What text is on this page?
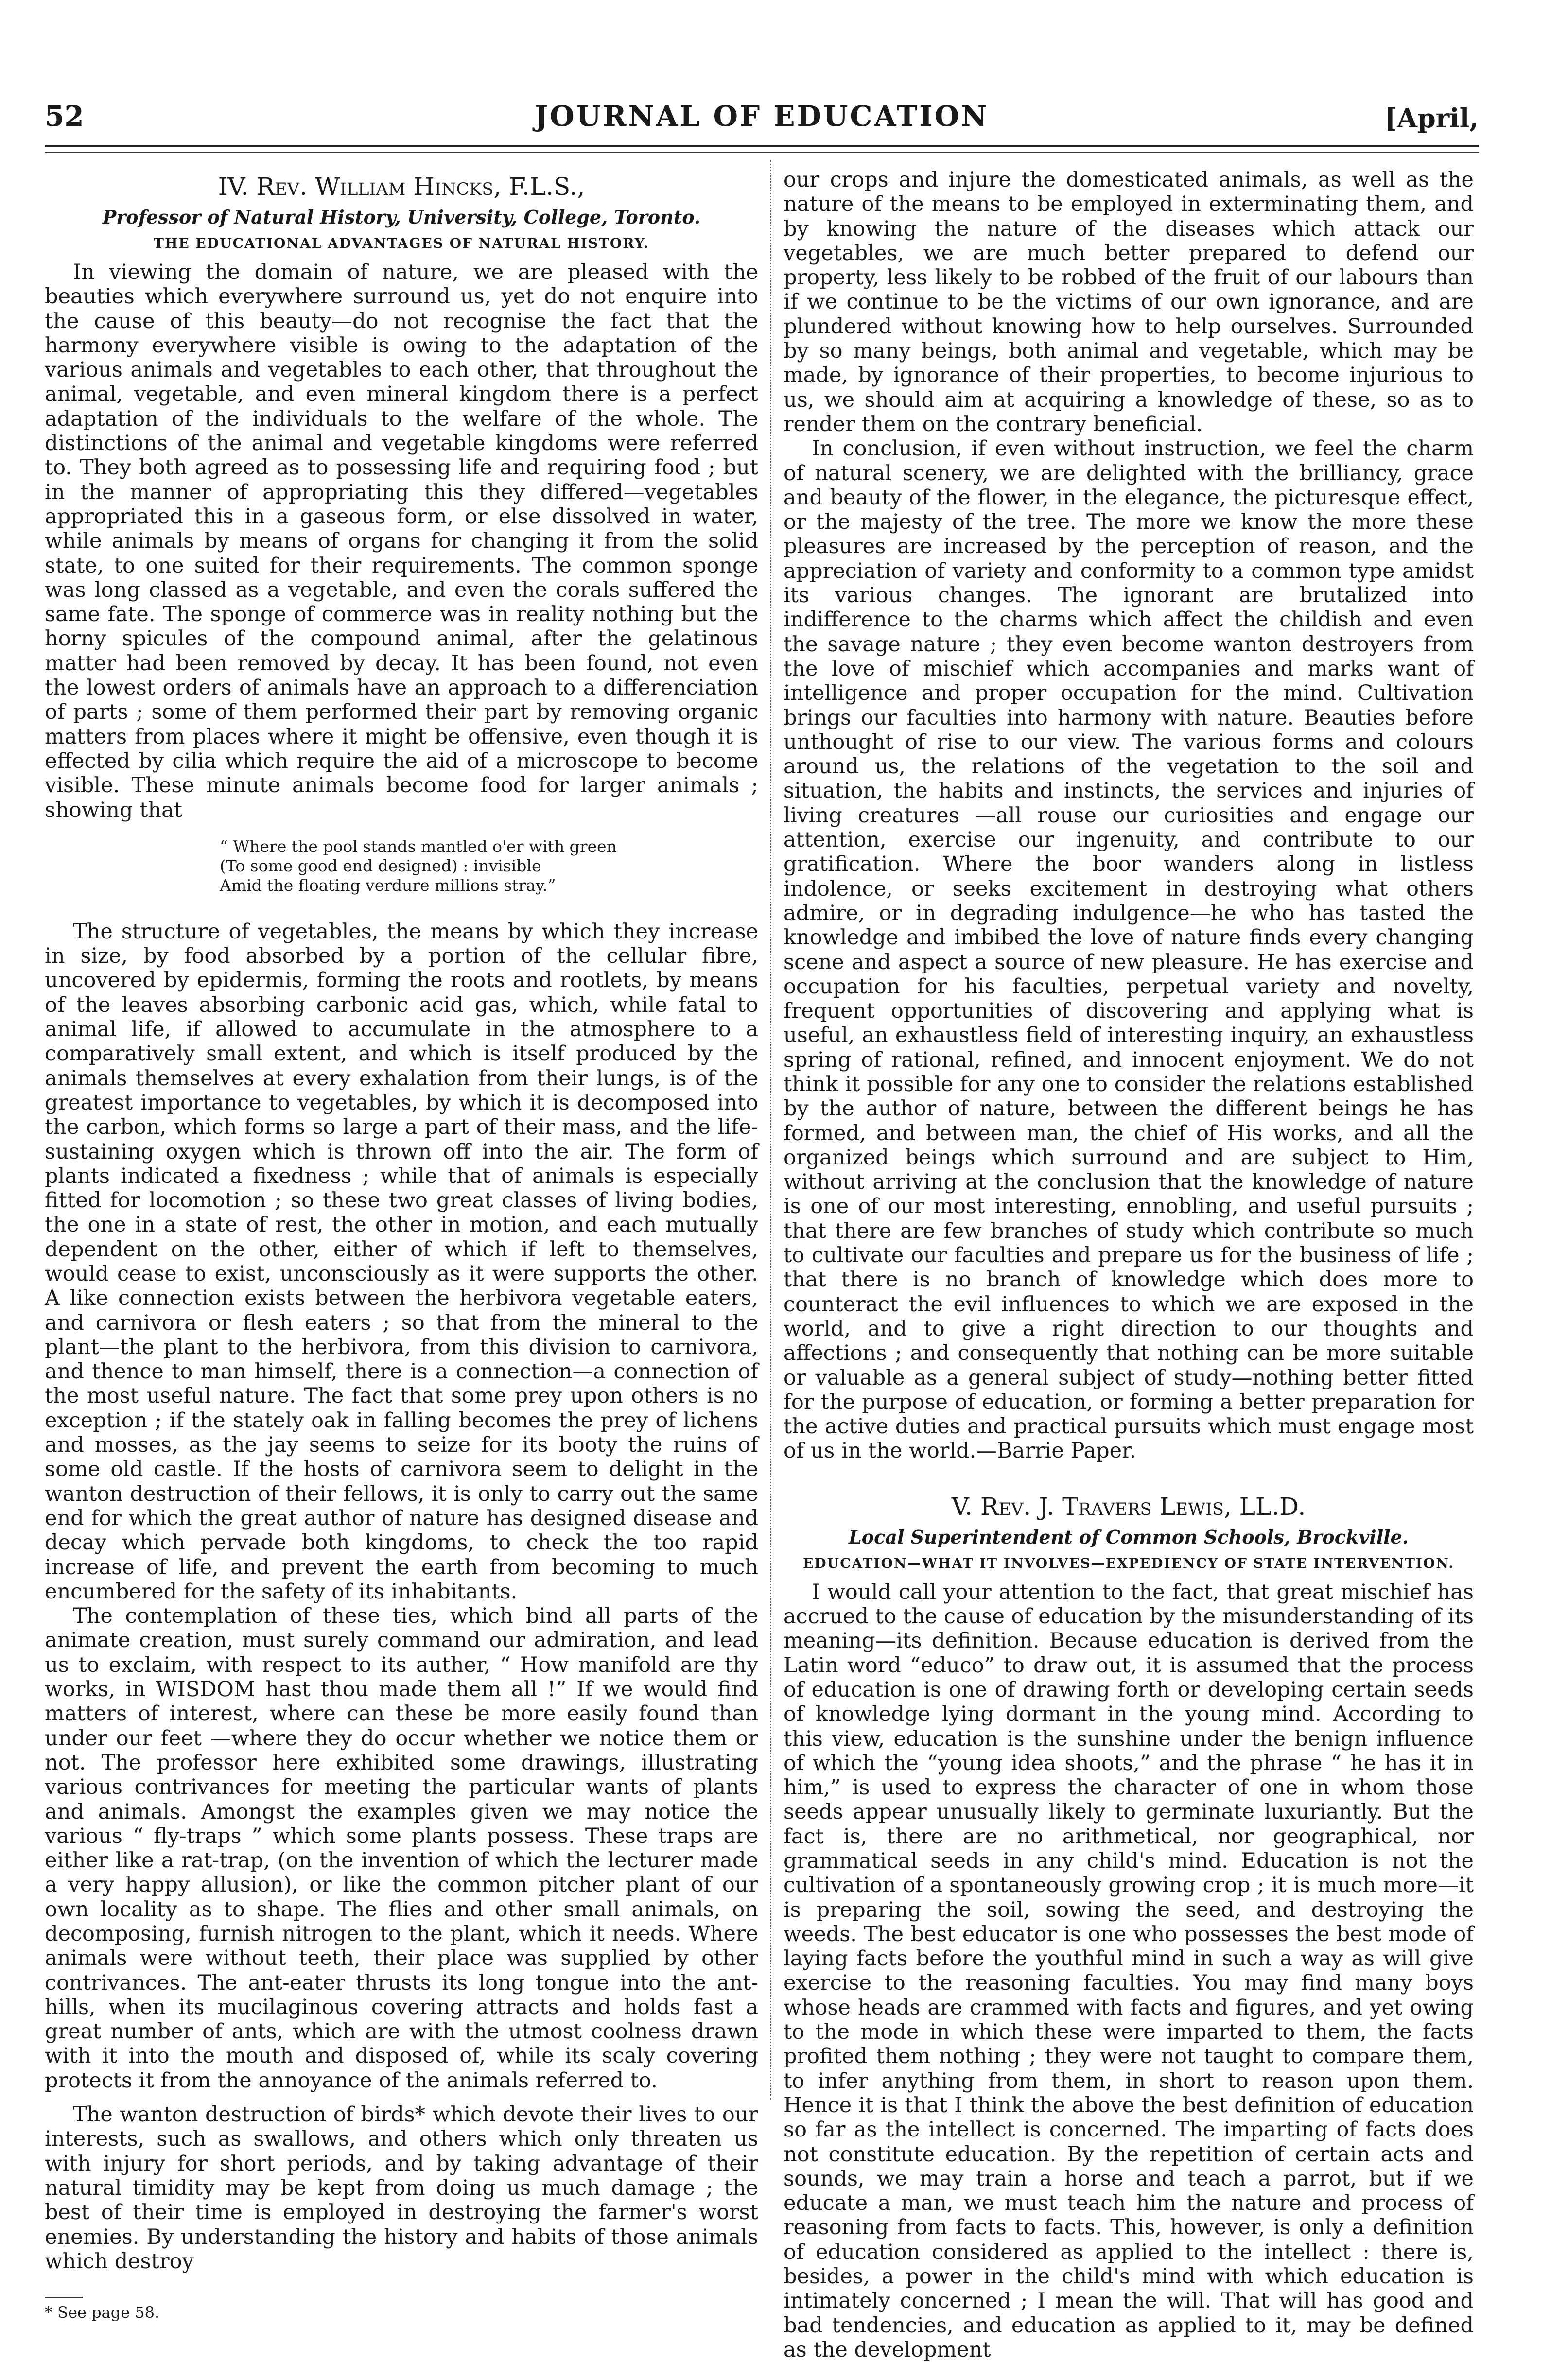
52	JOURNAL OF EDUCATION	[April,
IV. Rev. William Hincks, F.L.S.,
Professor of Natural History, University, College, Toronto.
THE EDUCATIONAL ADVANTAGES OF NATURAL HISTORY.

In viewing the domain of nature, we are pleased with the beauties which everywhere surround us, yet do not enquire into the cause of this beauty—do not recognise the fact that the harmony everywhere visible is owing to the adaptation of the various animals and vegetables to each other, that throughout the animal, vegetable, and even mineral kingdom there is a perfect adaptation of the individuals to the welfare of the whole. The distinctions of the animal and vegetable kingdoms were referred to. They both agreed as to possessing life and requiring food ; but in the manner of appropriating this they differed—vegetables appropriated this in a gaseous form, or else dissolved in water, while animals by means of organs for changing it from the solid state, to one suited for their requirements. The common sponge was long classed as a vegetable, and even the corals suffered the same fate. The sponge of commerce was in reality nothing but the horny spicules of the compound animal, after the gelatinous matter had been removed by decay. It has been found, not even the lowest orders of animals have an approach to a differenciation of parts ; some of them performed their part by removing organic matters from places where it might be offensive, even though it is effected by cilia which require the aid of a microscope to become visible. These minute animals become food for larger animals ; showing that

“ Where the pool stands mantled o'er with green
(To some good end designed) : invisible
Amid the floating verdure millions stray.”

The structure of vegetables, the means by which they increase in size, by food absorbed by a portion of the cellular fibre, uncovered by epidermis, forming the roots and rootlets, by means of the leaves absorbing carbonic acid gas, which, while fatal to animal life, if allowed to accumulate in the atmosphere to a comparatively small extent, and which is itself produced by the animals themselves at every exhalation from their lungs, is of the greatest importance to vegetables, by which it is decomposed into the carbon, which forms so large a part of their mass, and the life-sustaining oxygen which is thrown off into the air. The form of plants indicated a fixedness ; while that of animals is especially fitted for locomotion ; so these two great classes of living bodies, the one in a state of rest, the other in motion, and each mutually dependent on the other, either of which if left to themselves, would cease to exist, unconsciously as it were supports the other. A like connection exists between the herbivora vegetable eaters, and carnivora or flesh eaters ; so that from the mineral to the plant—the plant to the herbivora, from this division to carnivora, and thence to man himself, there is a connection—a connection of the most useful nature. The fact that some prey upon others is no exception ; if the stately oak in falling becomes the prey of lichens and mosses, as the jay seems to seize for its booty the ruins of some old castle. If the hosts of carnivora seem to delight in the wanton destruction of their fellows, it is only to carry out the same end for which the great author of nature has designed disease and decay which pervade both kingdoms, to check the too rapid increase of life, and prevent the earth from becoming to much encumbered for the safety of its inhabitants.

The contemplation of these ties, which bind all parts of the animate creation, must surely command our admiration, and lead us to exclaim, with respect to its auther, “ How manifold are thy works, in WISDOM hast thou made them all !” If we would find matters of interest, where can these be more easily found than under our feet —where they do occur whether we notice them or not. The professor here exhibited some drawings, illustrating various contrivances for meeting the particular wants of plants and animals. Amongst the examples given we may notice the various “ fly-traps ” which some plants possess. These traps are either like a rat-trap, (on the invention of which the lecturer made a very happy allusion), or like the common pitcher plant of our own locality as to shape. The flies and other small animals, on decomposing, furnish nitrogen to the plant, which it needs. Where animals were without teeth, their place was supplied by other contrivances. The ant-eater thrusts its long tongue into the ant-hills, when its mucilaginous covering attracts and holds fast a great number of ants, which are with the utmost coolness drawn with it into the mouth and disposed of, while its scaly covering protects it from the annoyance of the animals referred to.

The wanton destruction of birds* which devote their lives to our interests, such as swallows, and others which only threaten us with injury for short periods, and by taking advantage of their natural timidity may be kept from doing us much damage ; the best of their time is employed in destroying the farmer's worst enemies. By understanding the history and habits of those animals which destroy

* See page 58.

our crops and injure the domesticated animals, as well as the nature of the means to be employed in exterminating them, and by knowing the nature of the diseases which attack our vegetables, we are much better prepared to defend our property, less likely to be robbed of the fruit of our labours than if we continue to be the victims of our own ignorance, and are plundered without knowing how to help ourselves. Surrounded by so many beings, both animal and vegetable, which may be made, by ignorance of their properties, to become injurious to us, we should aim at acquiring a knowledge of these, so as to render them on the contrary beneficial.

In conclusion, if even without instruction, we feel the charm of natural scenery, we are delighted with the brilliancy, grace and beauty of the flower, in the elegance, the picturesque effect, or the majesty of the tree. The more we know the more these pleasures are increased by the perception of reason, and the appreciation of variety and conformity to a common type amidst its various changes. The ignorant are brutalized into indifference to the charms which affect the childish and even the savage nature ; they even become wanton destroyers from the love of mischief which accompanies and marks want of intelligence and proper occupation for the mind. Cultivation brings our faculties into harmony with nature. Beauties before unthought of rise to our view. The various forms and colours around us, the relations of the vegetation to the soil and situation, the habits and instincts, the services and injuries of living creatures —all rouse our curiosities and engage our attention, exercise our ingenuity, and contribute to our gratification. Where the boor wanders along in listless indolence, or seeks excitement in destroying what others admire, or in degrading indulgence—he who has tasted the knowledge and imbibed the love of nature finds every changing scene and aspect a source of new pleasure. He has exercise and occupation for his faculties, perpetual variety and novelty, frequent opportunities of discovering and applying what is useful, an exhaustless field of interesting inquiry, an exhaustless spring of rational, refined, and innocent enjoyment. We do not think it possible for any one to consider the relations established by the author of nature, between the different beings he has formed, and between man, the chief of His works, and all the organized beings which surround and are subject to Him, without arriving at the conclusion that the knowledge of nature is one of our most interesting, ennobling, and useful pursuits ; that there are few branches of study which contribute so much to cultivate our faculties and prepare us for the business of life ; that there is no branch of knowledge which does more to counteract the evil influences to which we are exposed in the world, and to give a right direction to our thoughts and affections ; and consequently that nothing can be more suitable or valuable as a general subject of study—nothing better fitted for the purpose of education, or forming a better preparation for the active duties and practical pursuits which must engage most of us in the world.—Barrie Paper.

V. Rev. J. Travers Lewis, LL.D.
Local Superintendent of Common Schools, Brockville.
EDUCATION—WHAT IT INVOLVES—EXPEDIENCY OF STATE INTERVENTION.

I would call your attention to the fact, that great mischief has accrued to the cause of education by the misunderstanding of its meaning—its definition. Because education is derived from the Latin word “educo” to draw out, it is assumed that the process of education is one of drawing forth or developing certain seeds of knowledge lying dormant in the young mind. According to this view, education is the sunshine under the benign influence of which the “young idea shoots,” and the phrase “ he has it in him,” is used to express the character of one in whom those seeds appear unusually likely to germinate luxuriantly. But the fact is, there are no arithmetical, nor geographical, nor grammatical seeds in any child's mind. Education is not the cultivation of a spontaneously growing crop ; it is much more—it is preparing the soil, sowing the seed, and destroying the weeds. The best educator is one who possesses the best mode of laying facts before the youthful mind in such a way as will give exercise to the reasoning faculties. You may find many boys whose heads are crammed with facts and figures, and yet owing to the mode in which these were imparted to them, the facts profited them nothing ; they were not taught to compare them, to infer anything from them, in short to reason upon them. Hence it is that I think the above the best definition of education so far as the intellect is concerned. The imparting of facts does not constitute education. By the repetition of certain acts and sounds, we may train a horse and teach a parrot, but if we educate a man, we must teach him the nature and process of reasoning from facts to facts. This, however, is only a definition of education considered as applied to the intellect : there is, besides, a power in the child's mind with which education is intimately concerned ; I mean the will. That will has good and bad tendencies, and education as applied to it, may be defined as the development
